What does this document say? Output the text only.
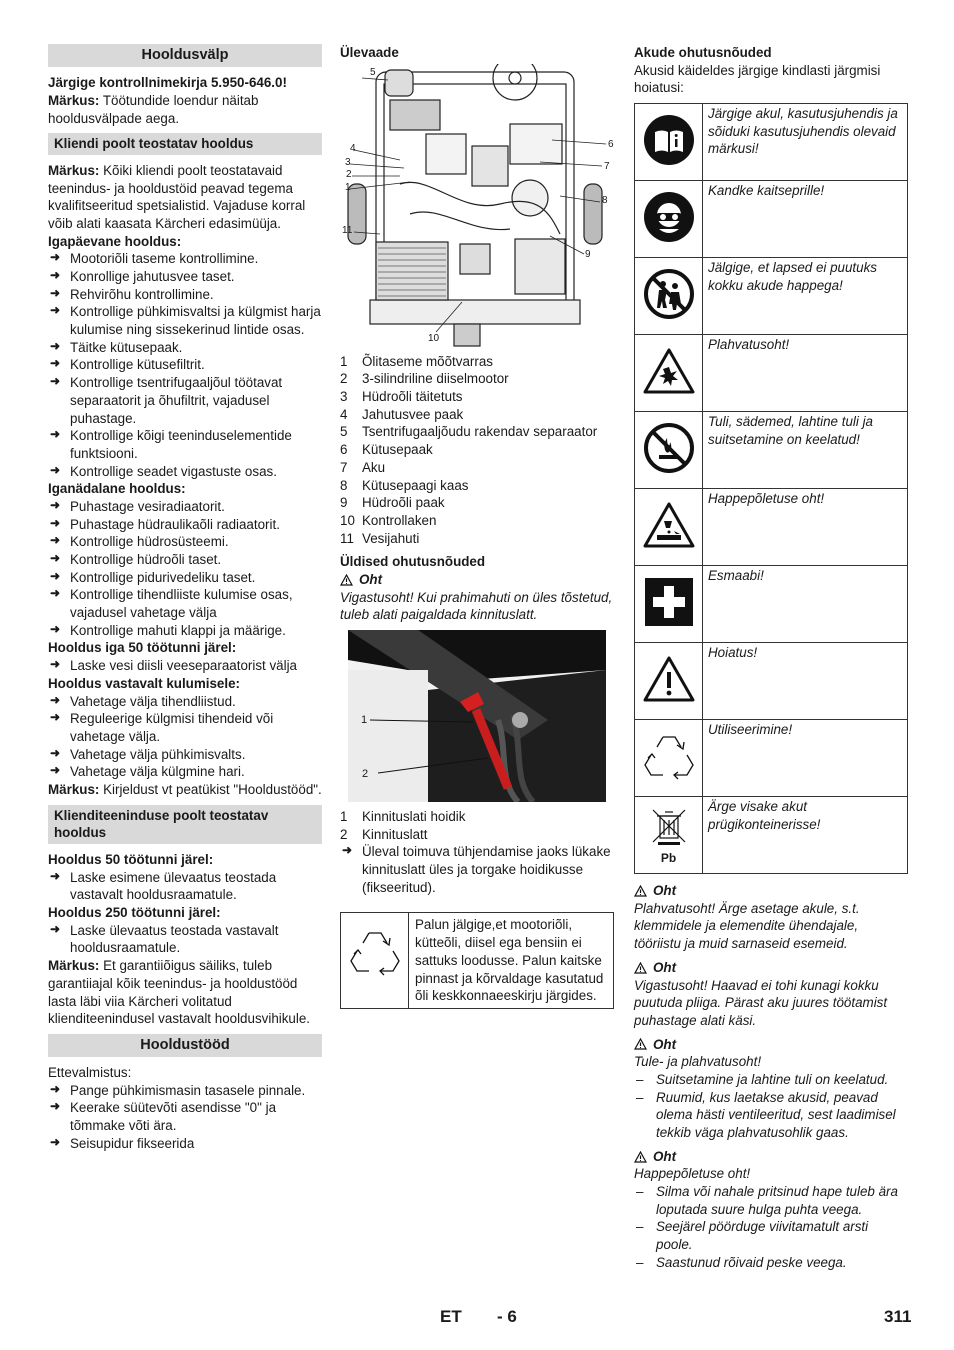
Hooldusvälp

Järgige kontrollnimekirja 5.950-646.0!

Märkus: Töötundide loendur näitab hooldusvälpade aega.

Kliendi poolt teostatav hooldus

Märkus: Kõiki kliendi poolt teostatavaid teenindus- ja hooldustöid peavad tegema kvalifitseeritud spetsialistid. Vajaduse korral võib alati kaasata Kärcheri edasimüüja.

Igapäevane hooldus:

➜ Mootoriõli taseme kontrollimine.

➜ Konrollige jahutusvee taset.

➜ Rehvirõhu kontrollimine.

➜ Kontrollige pühkimisvaltsi ja külgmist harja kulumise ning sissekerinud lintide osas.

➜ Täitke kütusepaak.

➜ Kontrollige kütusefiltrit.

➜ Kontrollige tsentrifugaaljõul töötavat separaatorit ja õhufiltrit, vajadusel puhastage.

➜ Kontrollige kõigi teeninduselementide funktsiooni.

➜ Kontrollige seadet vigastuste osas.

Iganädalane hooldus:

➜ Puhastage vesiradiaatorit.

➜ Puhastage hüdraulikaõli radiaatorit.

➜ Kontrollige hüdrosüsteemi.

➜ Kontrollige hüdroõli taset.

➜ Kontrollige pidurivedeliku taset.

➜ Kontrollige tihendliiste kulumise osas, vajadusel vahetage välja

➜ Kontrollige mahuti klappi ja määrige.

Hooldus iga 50 töötunni järel:

➜ Laske vesi diisli veeseparaatorist välja

Hooldus vastavalt kulumisele:

➜ Vahetage välja tihendliistud.

➜ Reguleerige külgmisi tihendeid või vahetage välja.

➜ Vahetage välja pühkimisvalts.

➜ Vahetage välja külgmine hari.

Märkus: Kirjeldust vt peatükist "Hooldustööd".

Klienditeeninduse poolt teostatav hooldus

Hooldus 50 töötunni järel:

➜ Laske esimene ülevaatus teostada vastavalt hooldusraamatule.

Hooldus 250 töötunni järel:

➜ Laske ülevaatus teostada vastavalt hooldusraamatule.

Märkus: Et garantiiõigus säiliks, tuleb garantiiajal kõik teenindus- ja hooldustööd lasta läbi viia Kärcheri volitatud klienditeenindusel vastavalt hooldusvihikule.

Hooldustööd

Ettevalmistus:

➜ Pange pühkimismasin tasasele pinnale.

➜ Keerake süütevõti asendisse "0" ja tõmmake võti ära.

➜ Seisupidur fikseerida

Ülevaade

5
4
3
2
1
11
10
9
8
7
6
1	Õlitaseme mõõtvarras
2	3-silindriline diiselmootor
3	Hüdroõli täitetuts
4	Jahutusvee paak
5	Tsentrifugaaljõudu rakendav separaator
6	Kütusepaak
7	Aku
8	Kütusepaagi kaas
9	Hüdroõli paak
10 Kontrollaken
11 Vesijahuti

Üldised ohutusnõuded

Oht

Vigastusoht! Kui prahimahuti on üles tõstetud, tuleb alati paigaldada kinnituslatt.

1
2
1	Kinnituslati hoidik
2	Kinnituslatt

➜ Üleval toimuva tühjendamise jaoks lükake kinnituslatt üles ja torgake hoidikusse (fikseeritud).

Palun jälgige,et mootoriõli, kütteõli, diisel ega bensiin ei sattuks loodusse. Palun kaitske pinnast ja kõrvaldage kasutatud õli keskkonnaeeskirju järgides.

Akude ohutusnõuded

Akusid käideldes järgige kindlasti järgmisi hoiatusi:

	Järgige akul, kasutusjuhendis ja sõiduki kasutusjuhendis olevaid märkusi!
	Kandke kaitseprille!
	Jälgige, et lapsed ei puutuks kokku akude happega!
	Plahvatusoht!
	Tuli, sädemed, lahtine tuli ja suitsetamine on keelatud!
	Happepõletuse oht!
	Esmaabi!
	Hoiatus!
	Utiliseerimine!

Pb	Ärge visake akut prügikonteinerisse!

Oht

Plahvatusoht! Ärge asetage akule, s.t. klemmidele ja elemendite ühendajale, tööriistu ja muid sarnaseid esemeid.

Oht

Vigastusoht! Haavad ei tohi kunagi kokku puutuda pliiga. Pärast aku juures töötamist puhastage alati käsi.

Oht

Tule- ja plahvatusoht!

– Suitsetamine ja lahtine tuli on keelatud.

– Ruumid, kus laetakse akusid, peavad olema hästi ventileeritud, sest laadimisel tekkib väga plahvatusohlik gaas.

Oht

Happepõletuse oht!

– Silma või nahale pritsinud hape tuleb ära loputada suure hulga puhta veega.

– Seejärel pöörduge viivitamatult arsti poole.

– Saastunud rõivaid peske veega.

ET - 6	311
